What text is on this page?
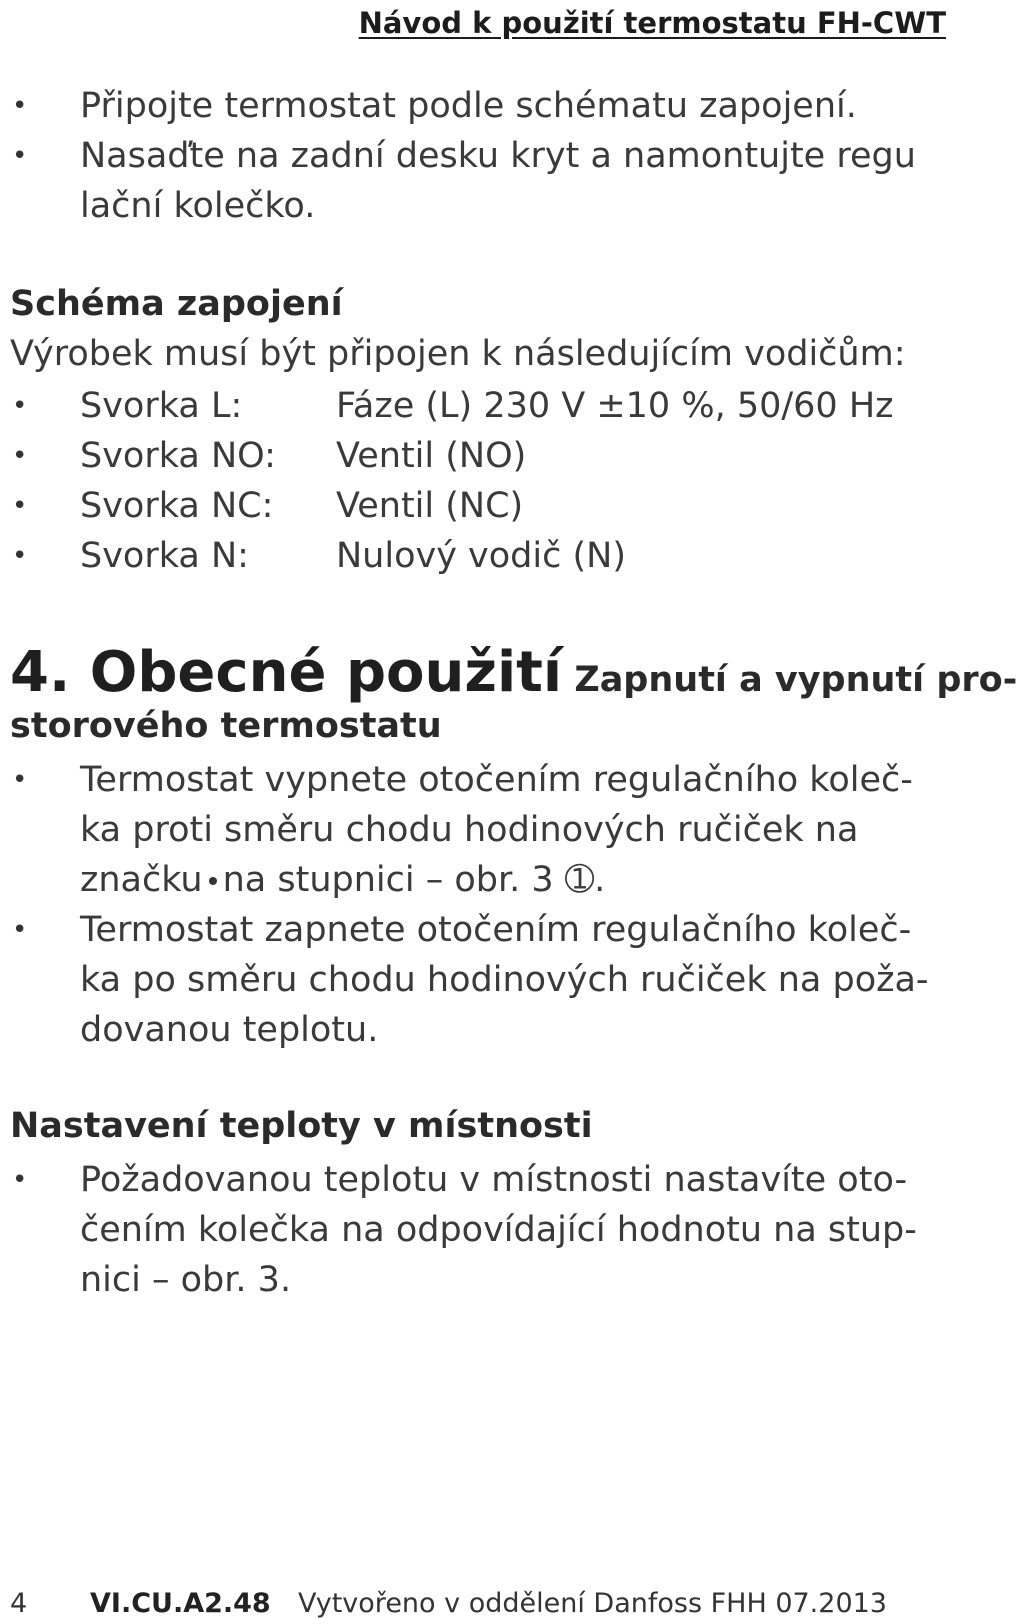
Návod k použití termostatu FH-CWT
• Připojte termostat podle schématu zapojení.
• Nasaďte na zadní desku kryt a namontujte regu
lační kolečko.
Schéma zapojení
Výrobek musí být připojen k následujícím vodičům:
• Svorka L:	Fáze (L) 230 V ±10 %, 50/60 Hz
• Svorka NO: Ventil (NO)
• Svorka NC: Ventil (NC)
• Svorka N: Nulový vodič (N)
4. Obecné použití Zapnutí a vypnutí pro-
storového termostatu
• Termostat vypnete otočením regulačního koleč-
ka proti směru chodu hodinových ručiček na
značku na stupnici – obr. 3 ➀.
• Termostat zapnete otočením regulačního koleč-
ka po směru chodu hodinových ručiček na poža-
dovanou teplotu.
Nastavení teploty v místnosti
• Požadovanou teplotu v místnosti nastavíte oto-
čením kolečka na odpovídající hodnotu na stup-
nici – obr. 3.
4 VI.CU.A2.48 Vytvořeno v oddělení Danfoss FHH 07.2013
